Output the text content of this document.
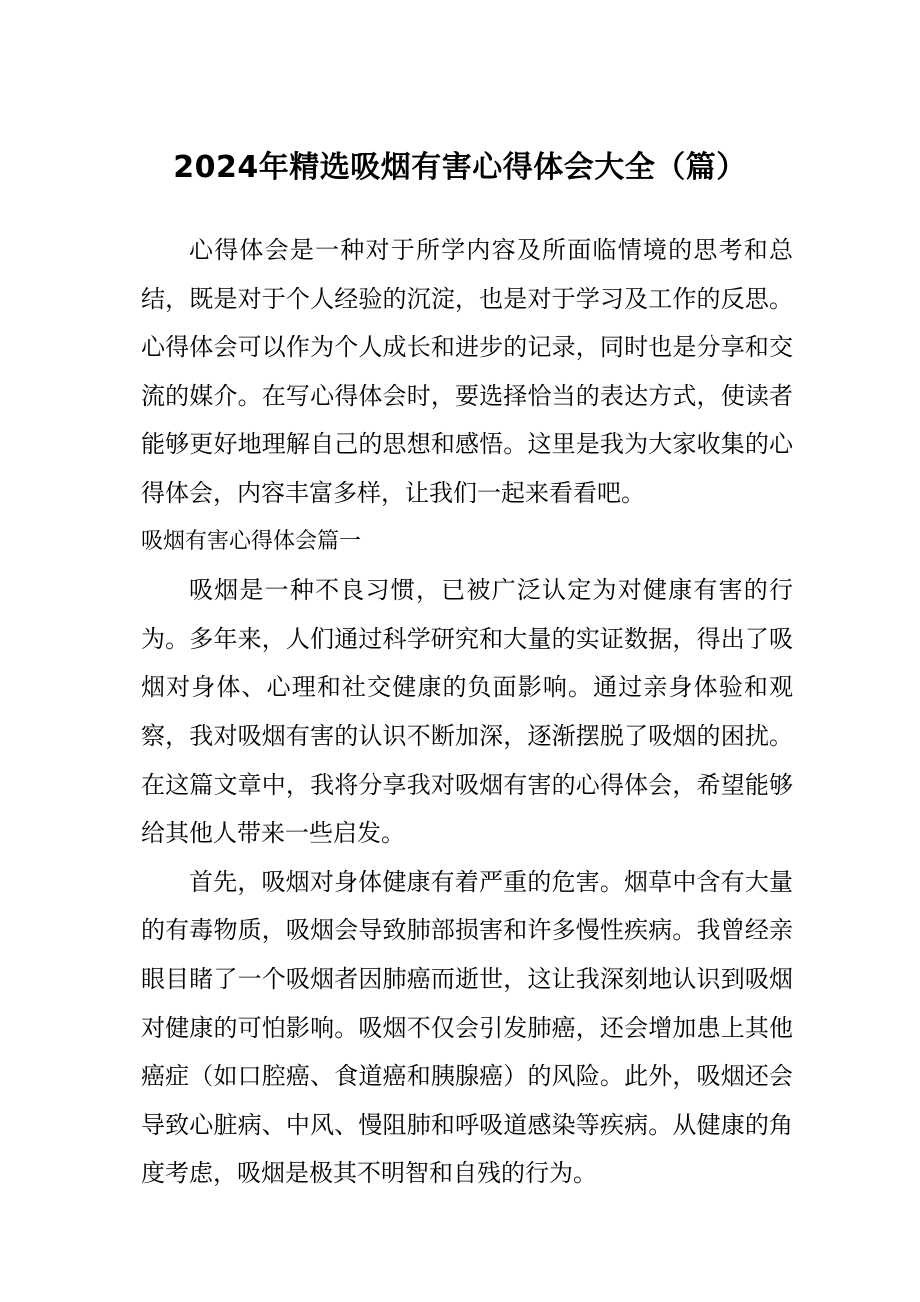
2024年精选吸烟有害心得体会大全（篇）

心得体会是一种对于所学内容及所面临情境的思考和总结，既是对于个人经验的沉淀，也是对于学习及工作的反思。心得体会可以作为个人成长和进步的记录，同时也是分享和交流的媒介。在写心得体会时，要选择恰当的表达方式，使读者能够更好地理解自己的思想和感悟。这里是我为大家收集的心得体会，内容丰富多样，让我们一起来看看吧。

吸烟有害心得体会篇一

吸烟是一种不良习惯，已被广泛认定为对健康有害的行为。多年来，人们通过科学研究和大量的实证数据，得出了吸烟对身体、心理和社交健康的负面影响。通过亲身体验和观察，我对吸烟有害的认识不断加深，逐渐摆脱了吸烟的困扰。在这篇文章中，我将分享我对吸烟有害的心得体会，希望能够给其他人带来一些启发。

首先，吸烟对身体健康有着严重的危害。烟草中含有大量的有毒物质，吸烟会导致肺部损害和许多慢性疾病。我曾经亲眼目睹了一个吸烟者因肺癌而逝世，这让我深刻地认识到吸烟对健康的可怕影响。吸烟不仅会引发肺癌，还会增加患上其他癌症（如口腔癌、食道癌和胰腺癌）的风险。此外，吸烟还会导致心脏病、中风、慢阻肺和呼吸道感染等疾病。从健康的角度考虑，吸烟是极其不明智和自残的行为。
